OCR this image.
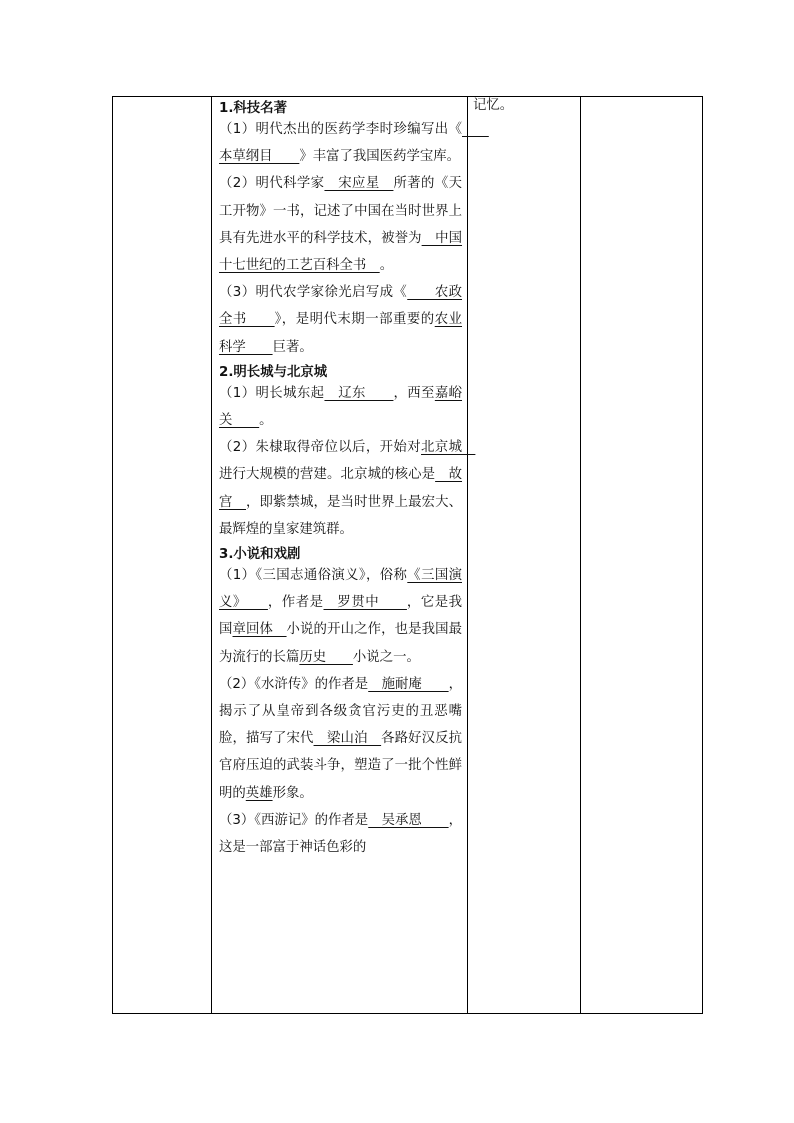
1.科技名著

（1）明代杰出的医药学李时珍编写出《　　本草纲目　　》丰富了我国医药学宝库。

（2）明代科学家　宋应星　所著的《天工开物》一书，记述了中国在当时世界上具有先进水平的科学技术，被誉为　中国十七世纪的工艺百科全书　。

（3）明代农学家徐光启写成《　　农政全书　　》，是明代末期一部重要的农业科学　　巨著。

2.明长城与北京城

（1）明长城东起　辽东　　，西至嘉峪关　　。

（2）朱棣取得帝位以后，开始对北京城　进行大规模的营建。北京城的核心是　故宫　，即紫禁城，是当时世界上最宏大、最辉煌的皇家建筑群。

3.小说和戏剧

（1）《三国志通俗演义》，俗称《三国演义》　　，作者是　罗贯中　　，它是我国章回体　小说的开山之作，也是我国最为流行的长篇历史　　小说之一。

（2）《水浒传》的作者是　施耐庵　　，揭示了从皇帝到各级贪官污吏的丑恶嘴脸，描写了宋代　梁山泊　各路好汉反抗官府压迫的武装斗争，塑造了一批个性鲜明的英雄形象。

（3）《西游记》的作者是　吴承恩　　，这是一部富于神话色彩的

	记忆。	
